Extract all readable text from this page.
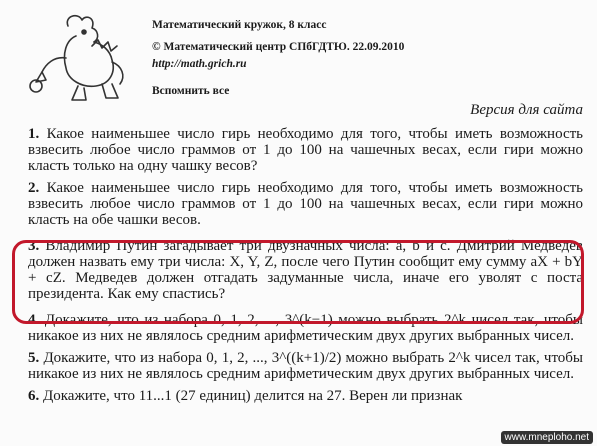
Математический кружок, 8 класс
© Математический центр СПбГДТЮ. 22.09.2010
http://math.grich.ru
Вспомнить все
Версия для сайта

1. Какое наименьшее число гирь необходимо для того, чтобы иметь возможность взвесить любое число граммов от 1 до 100 на чашечных весах, если гири можно класть только на одну чашку весов?

2. Какое наименьшее число гирь необходимо для того, чтобы иметь возможность взвесить любое число граммов от 1 до 100 на чашечных весах, если гири можно класть на обе чашки весов.

3. Владимир Путин загадывает три двузначных числа: a, b и c. Дмитрий Медведев должен назвать ему три числа: X, Y, Z, после чего Путин сообщит ему сумму aX + bY + cZ. Медведев должен отгадать задуманные числа, иначе его уволят с поста президента. Как ему спастись?

4. Докажите, что из набора 0, 1, 2, ..., 3^(k−1) можно выбрать 2^k чисел так, чтобы никакое из них не являлось средним арифметическим двух других выбранных чисел.

5. Докажите, что из набора 0, 1, 2, ..., 3^((k+1)/2) можно выбрать 2^k чисел так, чтобы никакое из них не являлось средним арифметическим двух других выбранных чисел.

6. Докажите, что 11...1 (27 единиц) делится на 27. Верен ли признак

www.mneploho.net
